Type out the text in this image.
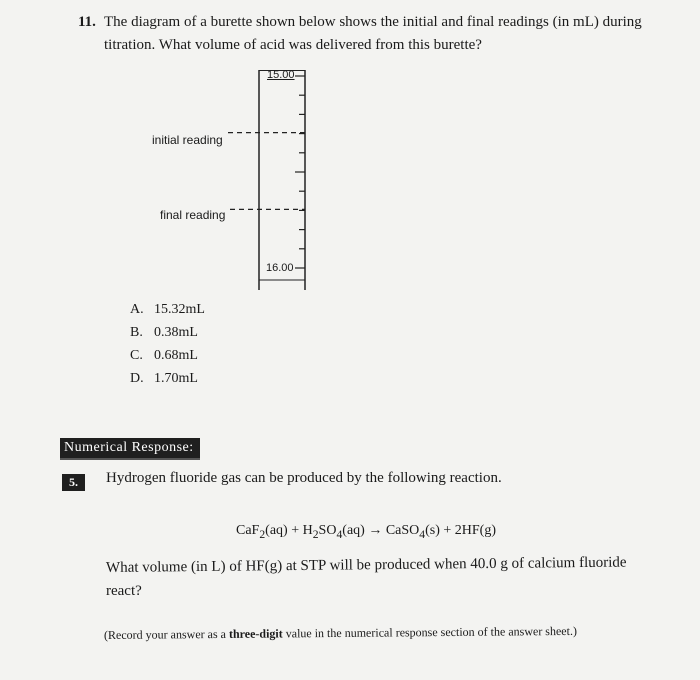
11. The diagram of a burette shown below shows the initial and final readings (in mL) during
titration. What volume of acid was delivered from this burette?
15.00
16.00
initial reading
final reading
A. 15.32mL
B. 0.38mL
C. 0.68mL
D. 1.70mL
Numerical Response:
5.	Hydrogen fluoride gas can be produced by the following reaction.
$CaF_2(aq) + H_2SO_4(aq)$ → CaSO$_4$(s) + 2HF(g)
What volume (in L) of HF(g) at STP will be produced when 40.0 g of calcium fluoride
react?
(Record your answer as a three-digit value in the numerical response section of the answer sheet.)
